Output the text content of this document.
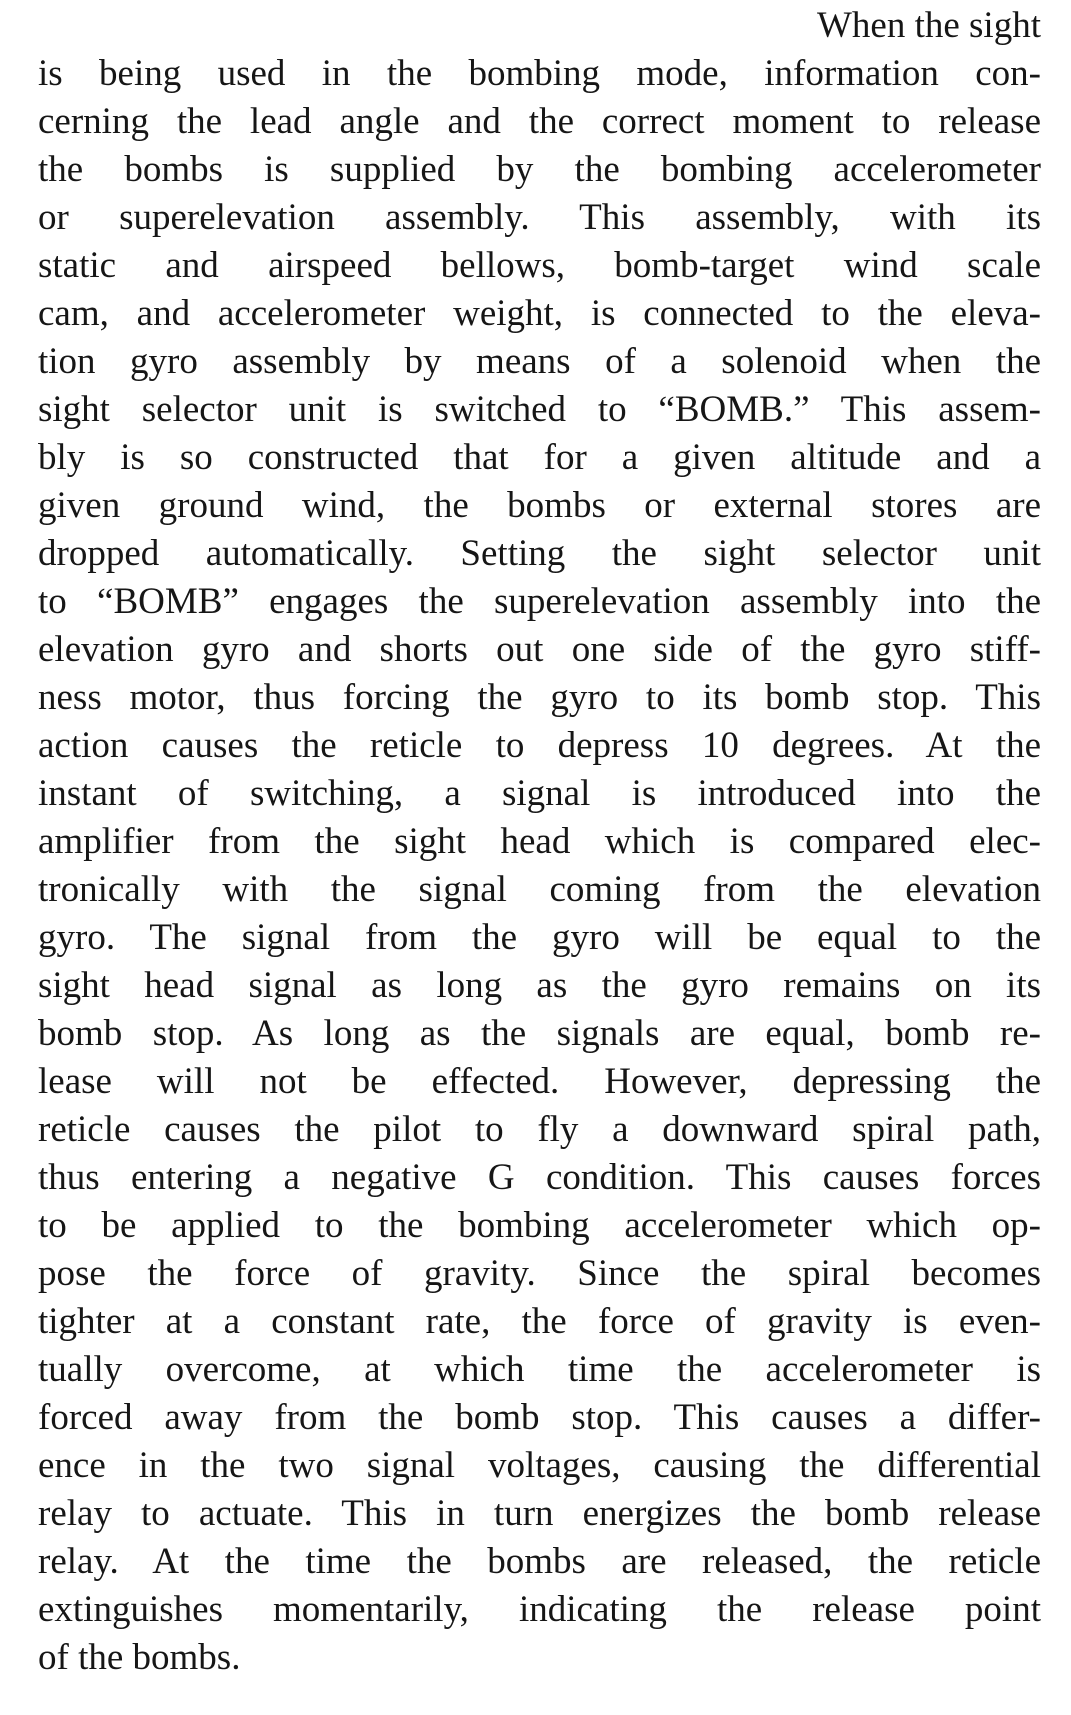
When the sight
is being used in the bombing mode, information con-
cerning the lead angle and the correct moment to release
the bombs is supplied by the bombing accelerometer
or superelevation assembly. This assembly, with its
static and airspeed bellows, bomb-target wind scale
cam, and accelerometer weight, is connected to the eleva-
tion gyro assembly by means of a solenoid when the
sight selector unit is switched to “BOMB.” This assem-
bly is so constructed that for a given altitude and a
given ground wind, the bombs or external stores are
dropped automatically. Setting the sight selector unit
to “BOMB” engages the superelevation assembly into the
elevation gyro and shorts out one side of the gyro stiff-
ness motor, thus forcing the gyro to its bomb stop. This
action causes the reticle to depress 10 degrees. At the
instant of switching, a signal is introduced into the
amplifier from the sight head which is compared elec-
tronically with the signal coming from the elevation
gyro. The signal from the gyro will be equal to the
sight head signal as long as the gyro remains on its
bomb stop. As long as the signals are equal, bomb re-
lease will not be effected. However, depressing the
reticle causes the pilot to fly a downward spiral path,
thus entering a negative G condition. This causes forces
to be applied to the bombing accelerometer which op-
pose the force of gravity. Since the spiral becomes
tighter at a constant rate, the force of gravity is even-
tually overcome, at which time the accelerometer is
forced away from the bomb stop. This causes a differ-
ence in the two signal voltages, causing the differential
relay to actuate. This in turn energizes the bomb release
relay. At the time the bombs are released, the reticle
extinguishes momentarily, indicating the release point
of the bombs.
